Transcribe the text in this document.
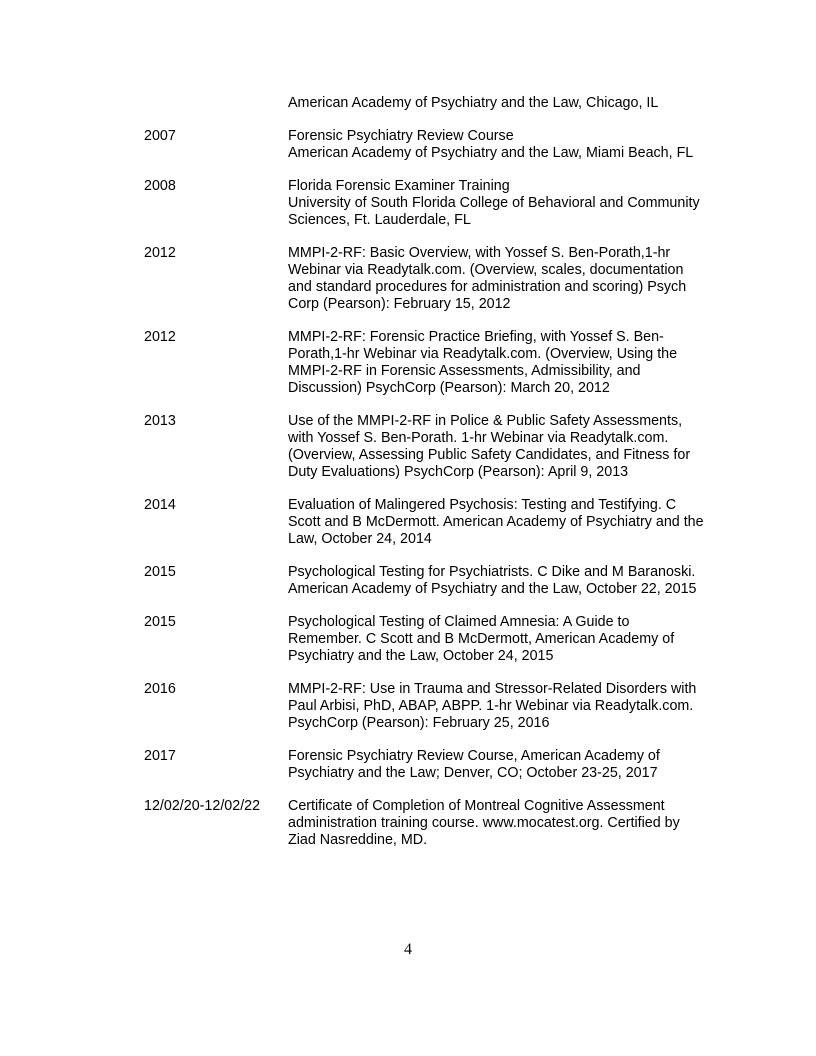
American Academy of Psychiatry and the Law, Chicago, IL
2007	Forensic Psychiatry Review Course
American Academy of Psychiatry and the Law, Miami Beach, FL
2008	Florida Forensic Examiner Training
University of South Florida College of Behavioral and Community
Sciences, Ft. Lauderdale, FL
2012	MMPI-2-RF: Basic Overview, with Yossef S. Ben-Porath,1-hr
Webinar via Readytalk.com. (Overview, scales, documentation
and standard procedures for administration and scoring) Psych
Corp (Pearson): February 15, 2012
2012	MMPI-2-RF: Forensic Practice Briefing, with Yossef S. Ben-
Porath,1-hr Webinar via Readytalk.com. (Overview, Using the
MMPI-2-RF in Forensic Assessments, Admissibility, and
Discussion) PsychCorp (Pearson): March 20, 2012
2013	Use of the MMPI-2-RF in Police & Public Safety Assessments,
with Yossef S. Ben-Porath. 1-hr Webinar via Readytalk.com.
(Overview, Assessing Public Safety Candidates, and Fitness for
Duty Evaluations) PsychCorp (Pearson): April 9, 2013
2014	Evaluation of Malingered Psychosis: Testing and Testifying. C
Scott and B McDermott. American Academy of Psychiatry and the
Law, October 24, 2014
2015	Psychological Testing for Psychiatrists. C Dike and M Baranoski.
American Academy of Psychiatry and the Law, October 22, 2015
2015	Psychological Testing of Claimed Amnesia: A Guide to
Remember. C Scott and B McDermott, American Academy of
Psychiatry and the Law, October 24, 2015
2016	MMPI-2-RF: Use in Trauma and Stressor-Related Disorders with
Paul Arbisi, PhD, ABAP, ABPP. 1-hr Webinar via Readytalk.com.
PsychCorp (Pearson): February 25, 2016
2017	Forensic Psychiatry Review Course, American Academy of
Psychiatry and the Law; Denver, CO; October 23-25, 2017
12/02/20-12/02/22	Certificate of Completion of Montreal Cognitive Assessment
administration training course. www.mocatest.org. Certified by
Ziad Nasreddine, MD.
4
